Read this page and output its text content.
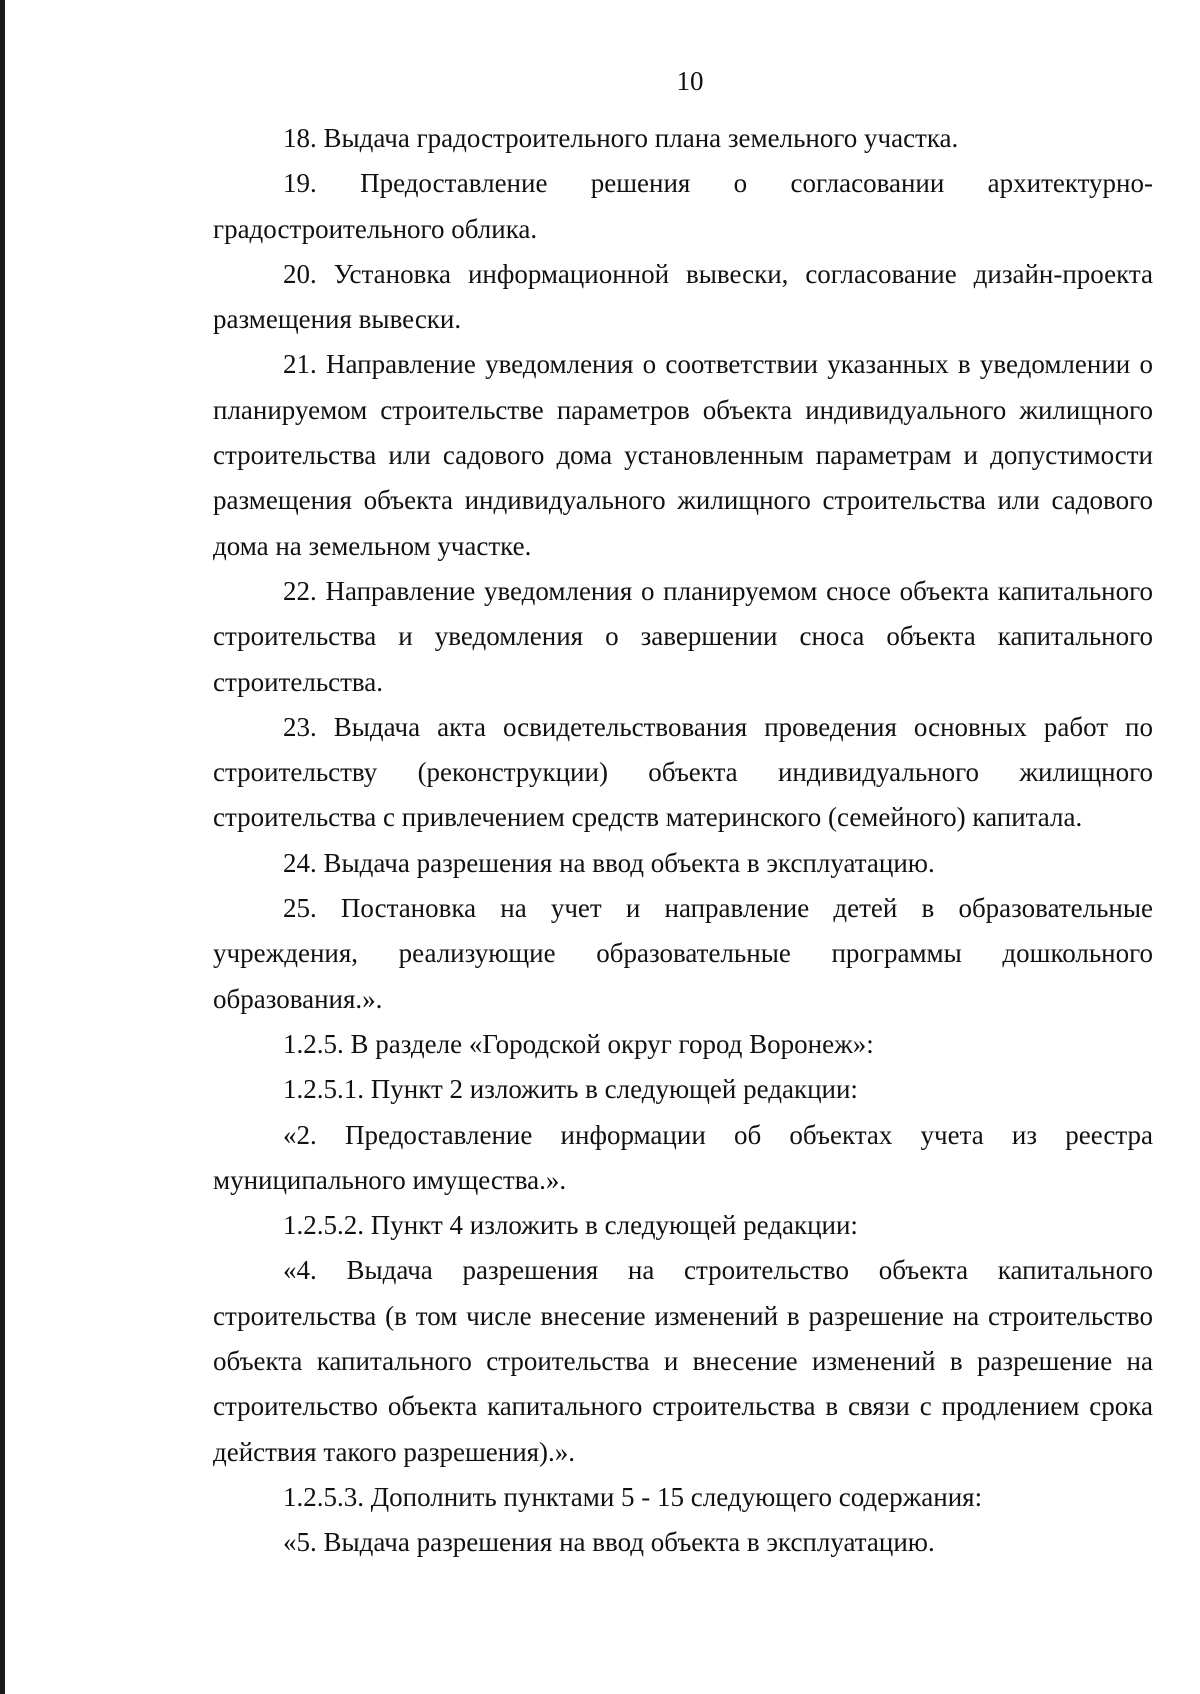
10

18. Выдача градостроительного плана земельного участка.

19. Предоставление решения о согласовании архитектурно-градостроительного облика.

20. Установка информационной вывески, согласование дизайн-проекта размещения вывески.

21. Направление уведомления о соответствии указанных в уведомлении о планируемом строительстве параметров объекта индивидуального жилищного строительства или садового дома установленным параметрам и допустимости размещения объекта индивидуального жилищного строительства или садового дома на земельном участке.

22. Направление уведомления о планируемом сносе объекта капитального строительства и уведомления о завершении сноса объекта капитального строительства.

23. Выдача акта освидетельствования проведения основных работ по строительству (реконструкции) объекта индивидуального жилищного строительства с привлечением средств материнского (семейного) капитала.

24. Выдача разрешения на ввод объекта в эксплуатацию.

25. Постановка на учет и направление детей в образовательные учреждения, реализующие образовательные программы дошкольного образования.».

1.2.5. В разделе «Городской округ город Воронеж»:

1.2.5.1. Пункт 2 изложить в следующей редакции:

«2. Предоставление информации об объектах учета из реестра муниципального имущества.».

1.2.5.2. Пункт 4 изложить в следующей редакции:

«4. Выдача разрешения на строительство объекта капитального строительства (в том числе внесение изменений в разрешение на строительство объекта капитального строительства и внесение изменений в разрешение на строительство объекта капитального строительства в связи с продлением срока действия такого разрешения).».

1.2.5.3. Дополнить пунктами 5 - 15 следующего содержания:

«5. Выдача разрешения на ввод объекта в эксплуатацию.
